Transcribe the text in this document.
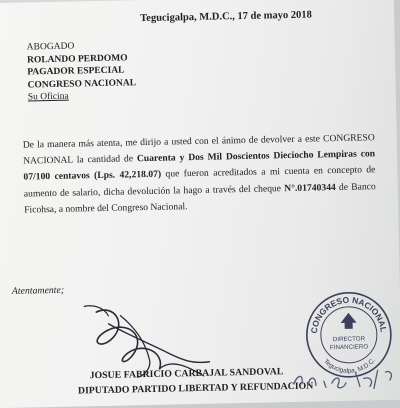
Tegucigalpa, M.D.C., 17 de mayo 2018
ABOGADO
ROLANDO PERDOMO
PAGADOR ESPECIAL
CONGRESO NACIONAL
Su Oficina
De la manera más atenta, me dirijo a usted con el ánimo de devolver a este CONGRESO NACIONAL la cantidad de Cuarenta y Dos Mil Doscientos Dieciocho Lempiras con 07/100 centavos (Lps. 42,218.07) que fueron acreditados a mi cuenta en concepto de aumento de salario, dicha devolución la hago a través del cheque N°.01740344 de Banco Ficohsa, a nombre del Congreso Nacional.
Atentamente;
JOSUE FABRICIO CARBAJAL SANDOVAL
DIPUTADO PARTIDO LIBERTAD Y REFUNDACION
CONGRESO NACIONAL
DIRECTOR
FINANCIERO
Tegucigalpa, M.D.C.
